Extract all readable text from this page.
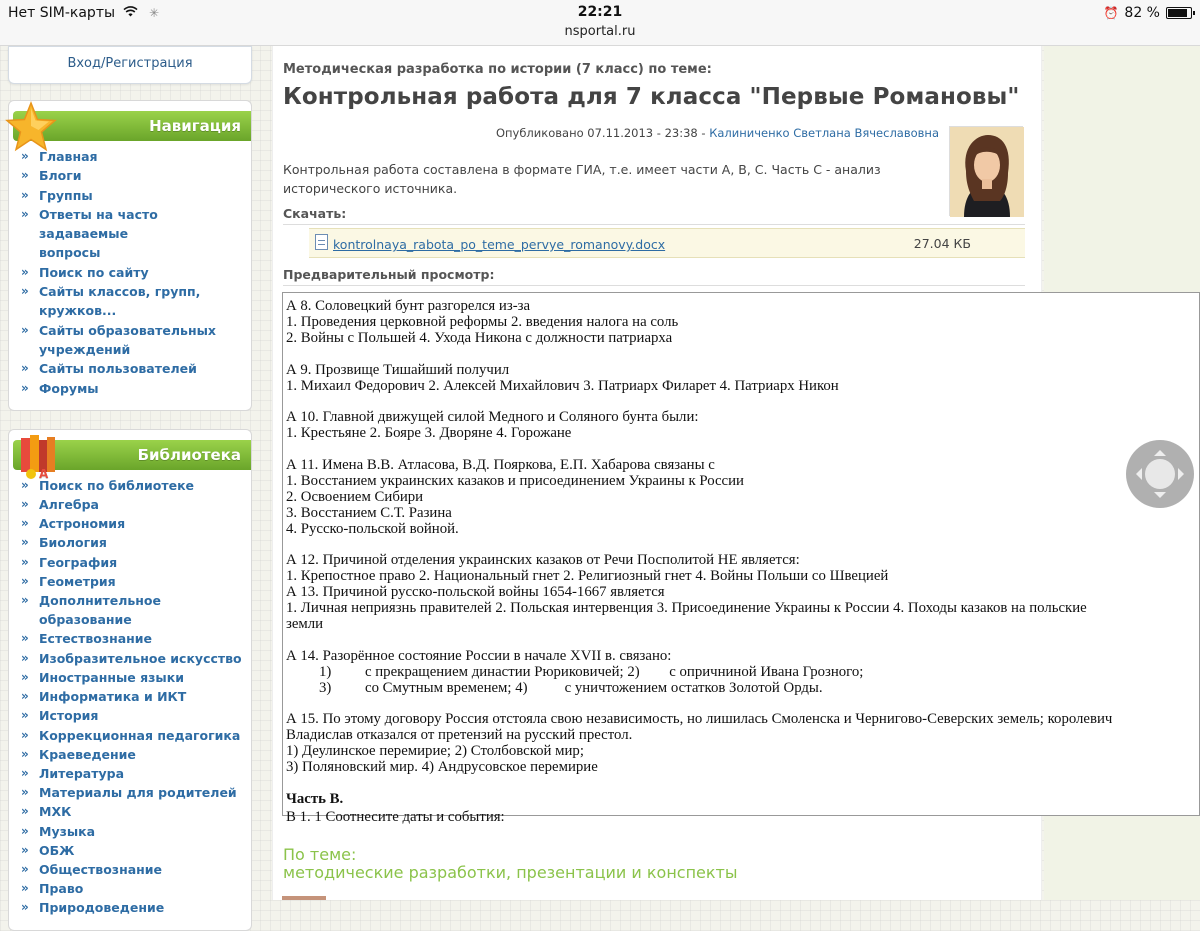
Нет SIM-карты	✳	22:21
nsportal.ru
⏰ 82 %
Вход/Регистрация
Навигация
» Главная
» Блоги
» Группы
» Ответы на часто задаваемые
вопросы
» Поиск по сайту
» Сайты классов, групп,
кружков...
» Сайты образовательных
учреждений
» Сайты пользователей
» Форумы
A
Библиотека
» Поиск по библиотеке
» Алгебра
» Астрономия
» Биология
» География
» Геометрия
» Дополнительное образование
» Естествознание
» Изобразительное искусство
» Иностранные языки
» Информатика и ИКТ
» История
» Коррекционная педагогика
» Краеведение
» Литература
» Материалы для родителей
» МХК
» Музыка
» ОБЖ
» Обществознание
» Право
» Природоведение
Методическая разработка по истории (7 класс) по теме:
Контрольная работа для 7 класса "Первые Романовы"
Опубликовано 07.11.2013 - 23:38 - Калиниченко Светлана Вячеславовна
Контрольная работа составлена в формате ГИА, т.е. имеет части А, В, С. Часть С - анализ исторического источника.
Скачать:
kontrolnaya_rabota_po_teme_pervye_romanovy.docx	27.04 КБ
Предварительный просмотр:

А 8. Соловецкий бунт разгорелся из-за

1. Проведения церковной реформы 2. введения налога на соль

2. Войны с Польшей 4. Ухода Никона с должности патриарха

А 9. Прозвище Тишайший получил

1. Михаил Федорович 2. Алексей Михайлович 3. Патриарх Филарет 4. Патриарх Никон

А 10. Главной движущей силой Медного и Соляного бунта были:

1. Крестьяне 2. Бояре 3. Дворяне 4. Горожане

А 11. Имена В.В. Атласова, В.Д. Пояркова, Е.П. Хабарова связаны с

1. Восстанием украинских казаков и присоединением Украины к России

2. Освоением Сибири

3. Восстанием С.Т. Разина

4. Русско-польской войной.

А 12. Причиной отделения украинских казаков от Речи Посполитой НЕ является:

1. Крепостное право 2. Национальный гнет 2. Религиозный гнет 4. Войны Польши со Швецией

А 13. Причиной русско-польской войны 1654-1667 является

1. Личная неприязнь правителей 2. Польская интервенция 3. Присоединение Украины к России 4. Походы казаков на польские

земли

А 14. Разорённое состояние России в начале XVII в. связано:

1) с прекращением династии Рюриковичей; 2) с опричниной Ивана Грозного;

3) со Смутным временем; 4)	с уничтожением остатков Золотой Орды.

А 15. По этому договору Россия отстояла свою независимость, но лишилась Смоленска и Чернигово-Северских земель; королевич

Владислав отказался от претензий на русский престол.

1) Деулинское перемирие; 2) Столбовской мир;

3) Поляновский мир. 4) Андрусовское перемирие

Часть В.

В 1. 1 Соотнесите даты и события:

По теме:
методические разработки, презентации и конспекты
